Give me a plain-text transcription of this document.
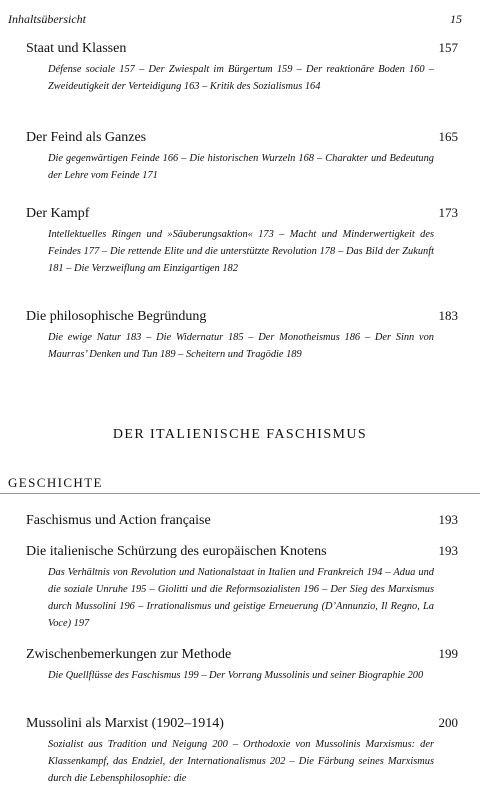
Inhaltsübersicht	15
Staat und Klassen	157
Défense sociale 157 – Der Zwiespalt im Bürgertum 159 – Der reaktionäre Boden 160 – Zweideutigkeit der Verteidigung 163 – Kritik des Sozialismus 164
Der Feind als Ganzes	165
Die gegenwärtigen Feinde 166 – Die historischen Wurzeln 168 – Charakter und Bedeutung der Lehre vom Feinde 171
Der Kampf	173
Intellektuelles Ringen und »Säuberungsaktion« 173 – Macht und Minderwertigkeit des Feindes 177 – Die rettende Elite und die unterstützte Revolution 178 – Das Bild der Zukunft 181 – Die Verzweiflung am Einzigartigen 182
Die philosophische Begründung	183
Die ewige Natur 183 – Die Widernatur 185 – Der Monotheismus 186 – Der Sinn von Maurras’ Denken und Tun 189 – Scheitern und Tragödie 189
DER ITALIENISCHE FASCHISMUS
GESCHICHTE
Faschismus und Action française	193
Die italienische Schürzung des europäischen Knotens	193
Das Verhältnis von Revolution und Nationalstaat in Italien und Frankreich 194 – Adua und die soziale Unruhe 195 – Giolitti und die Reformsozialisten 196 – Der Sieg des Marxismus durch Mussolini 196 – Irrationalismus und geistige Erneuerung (D’Annunzio, Il Regno, La Voce) 197
Zwischenbemerkungen zur Methode	199
Die Quellflüsse des Faschismus 199 – Der Vorrang Mussolinis und seiner Biographie 200
Mussolini als Marxist (1902–1914)	200
Sozialist aus Tradition und Neigung 200 – Orthodoxie von Mussolinis Marxismus: der Klassenkampf, das Endziel, der Internationalismus 202 – Die Färbung seines Marxismus durch die Lebensphilosophie: die
